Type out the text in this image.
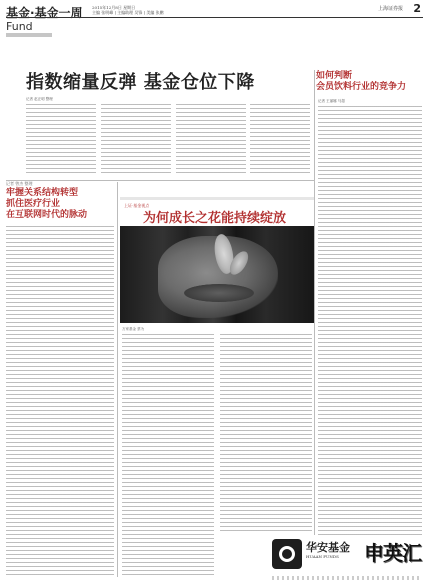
基金·基金一周
Fund
2015年12月8日 星期日
主编 张明峰 | 主编助理 吴锋 | 美编 张鹏
上海证券报 2
指数缩量反弹 基金仓位下降
记者 赵正明 整理
如何判断
会员饮料行业的竞争力
记者 王丽娜 马超
记者 曾杰 整理
牢握关系结构转型
抓住医疗行业
在互联网时代的脉动
上证·基金视点
为何成长之花能持续绽放
万家基金 蔡为
华安基金
HUAAN FUNDS 申英汇
